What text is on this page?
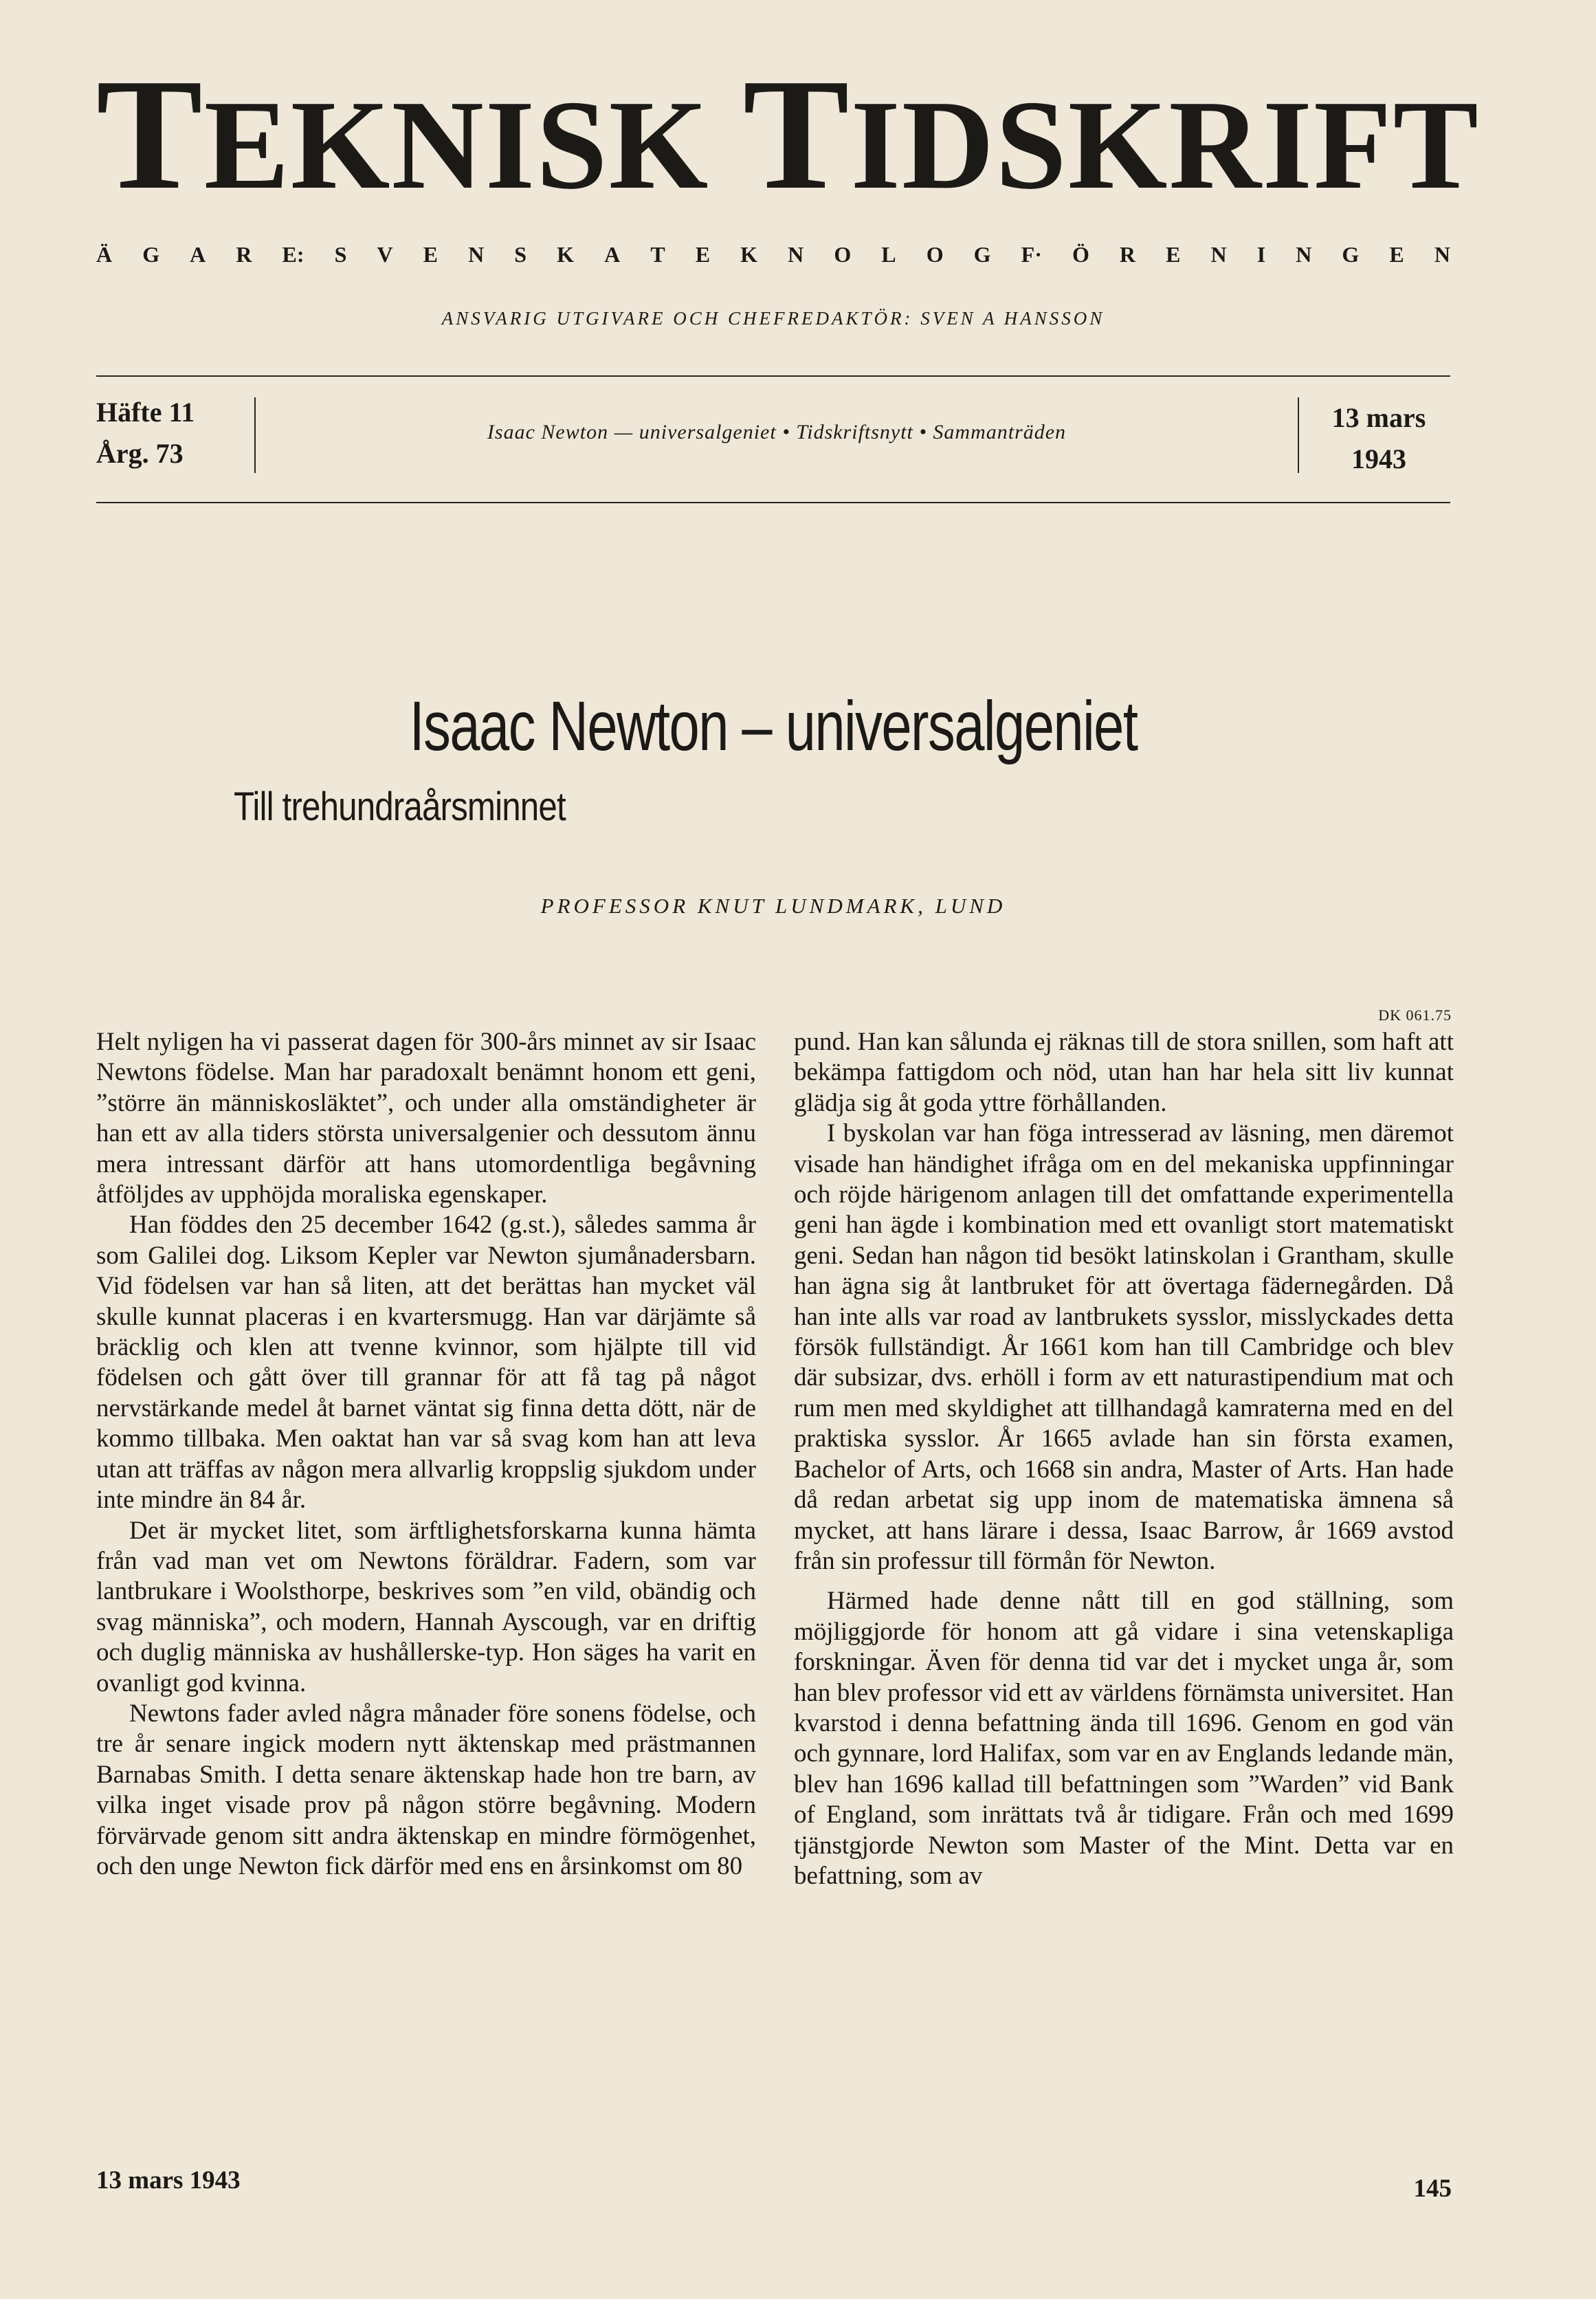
TEKNISK TIDSKRIFT
Ä G A R E: S V E N S K A T E K N O L O G F· Ö R E N I N G E N
ANSVARIG UTGIVARE OCH CHEFREDAKTÖR: SVEN A HANSSON
Häfte 11
Årg. 73
Isaac Newton — universalgeniet • Tidskriftsnytt • Sammanträden	13 mars
1943
Isaac Newton – universalgeniet
Till trehundraårsminnet
PROFESSOR KNUT LUNDMARK, LUND
DK 061.75

Helt nyligen ha vi passerat dagen för 300-års minnet av sir Isaac Newtons födelse. Man har paradoxalt benämnt honom ett geni, ”större än människosläktet”, och under alla omständigheter är han ett av alla tiders största universalgenier och dessutom ännu mera intressant därför att hans utomordentliga begåvning åtföljdes av upphöjda moraliska egenskaper.

Han föddes den 25 december 1642 (g.st.), således samma år som Galilei dog. Liksom Kepler var Newton sjumånadersbarn. Vid födelsen var han så liten, att det berättas han mycket väl skulle kunnat placeras i en kvartersmugg. Han var därjämte så bräcklig och klen att tvenne kvinnor, som hjälpte till vid födelsen och gått över till grannar för att få tag på något nervstärkande medel åt barnet väntat sig finna detta dött, när de kommo tillbaka. Men oaktat han var så svag kom han att leva utan att träffas av någon mera allvarlig kroppslig sjukdom under inte mindre än 84 år.

Det är mycket litet, som ärftlighetsforskarna kunna hämta från vad man vet om Newtons föräldrar. Fadern, som var lantbrukare i Woolsthorpe, beskrives som ”en vild, obändig och svag människa”, och modern, Hannah Ayscough, var en driftig och duglig människa av hushållerske-typ. Hon säges ha varit en ovanligt god kvinna.

Newtons fader avled några månader före sonens födelse, och tre år senare ingick modern nytt äktenskap med prästmannen Barnabas Smith. I detta senare äktenskap hade hon tre barn, av vilka inget visade prov på någon större begåvning. Modern förvärvade genom sitt andra äktenskap en mindre förmögenhet, och den unge Newton fick därför med ens en årsinkomst om 80

pund. Han kan sålunda ej räknas till de stora snillen, som haft att bekämpa fattigdom och nöd, utan han har hela sitt liv kunnat glädja sig åt goda yttre förhållanden.

I byskolan var han föga intresserad av läsning, men däremot visade han händighet ifråga om en del mekaniska uppfinningar och röjde härigenom anlagen till det omfattande experimentella geni han ägde i kombination med ett ovanligt stort matematiskt geni. Sedan han någon tid besökt latinskolan i Grantham, skulle han ägna sig åt lantbruket för att övertaga fädernegården. Då han inte alls var road av lantbrukets sysslor, misslyckades detta försök fullständigt. År 1661 kom han till Cambridge och blev där subsizar, dvs. erhöll i form av ett naturastipendium mat och rum men med skyldighet att tillhandagå kamraterna med en del praktiska sysslor. År 1665 avlade han sin första examen, Bachelor of Arts, och 1668 sin andra, Master of Arts. Han hade då redan arbetat sig upp inom de matematiska ämnena så mycket, att hans lärare i dessa, Isaac Barrow, år 1669 avstod från sin professur till förmån för Newton.

Härmed hade denne nått till en god ställning, som möjliggjorde för honom att gå vidare i sina vetenskapliga forskningar. Även för denna tid var det i mycket unga år, som han blev professor vid ett av världens förnämsta universitet. Han kvarstod i denna befattning ända till 1696. Genom en god vän och gynnare, lord Halifax, som var en av Englands ledande män, blev han 1696 kallad till befattningen som ”Warden” vid Bank of England, som inrättats två år tidigare. Från och med 1699 tjänstgjorde Newton som Master of the Mint. Detta var en befattning, som av

13 mars 1943	145
